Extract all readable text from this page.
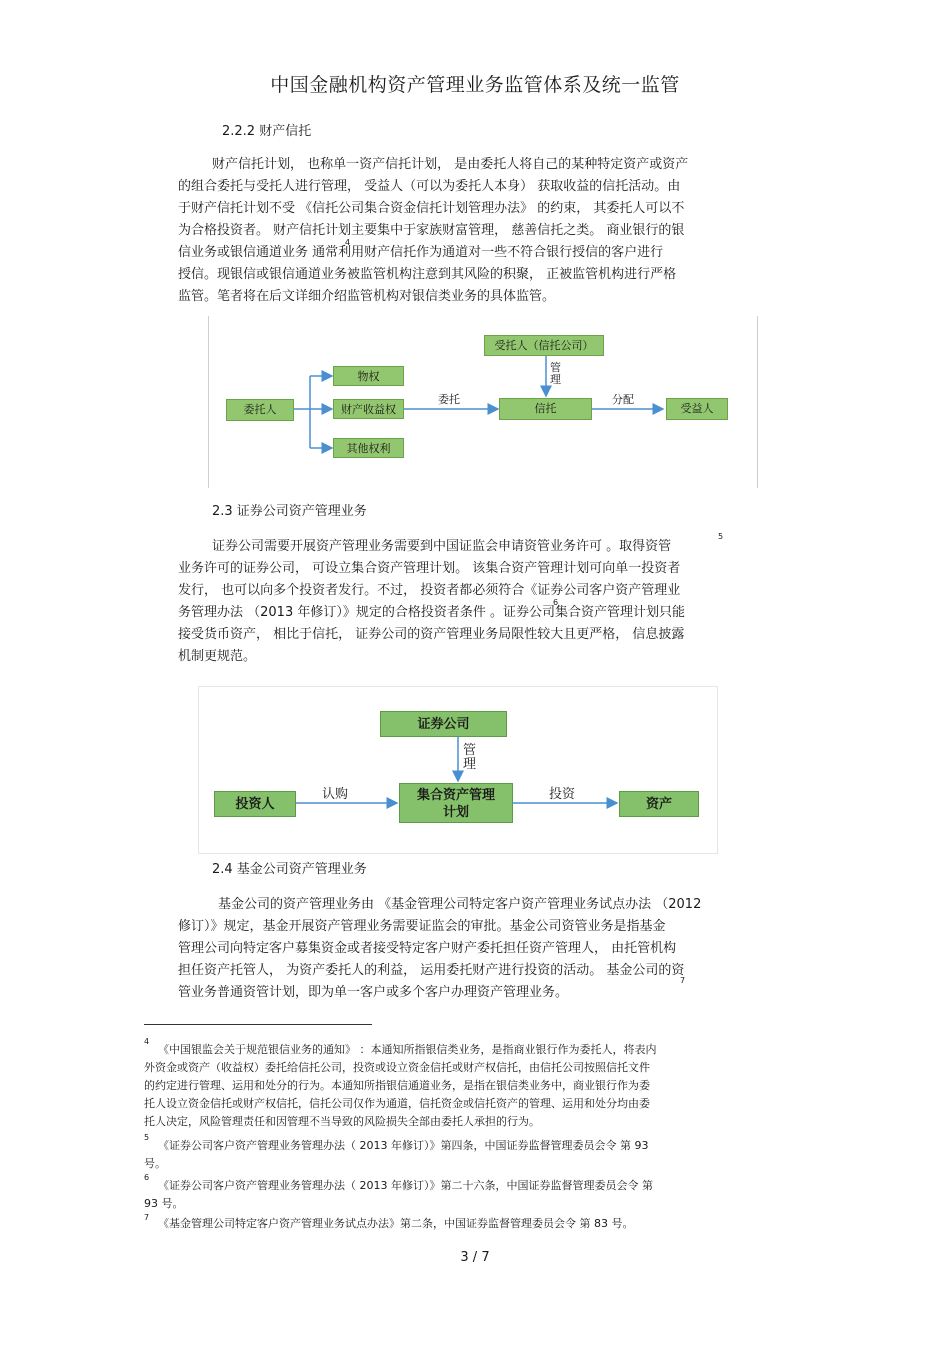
中国金融机构资产管理业务监管体系及统一监管
2.2.2 财产信托
财产信托计划， 也称单一资产信托计划， 是由委托人将自己的某种特定资产或资产
的组合委托与受托人进行管理， 受益人（可以为委托人本身） 获取收益的信托活动。由
于财产信托计划不受 《信托公司集合资金信托计划管理办法》 的约束， 其委托人可以不
为合格投资者。 财产信托计划主要集中于家族财富管理， 慈善信托之类。 商业银行的银
信业务或银信通道业务 通常利用财产信托作为通道对一些不符合银行授信的客户进行
4
授信。现银信或银信通道业务被监管机构注意到其风险的积聚， 正被监管机构进行严格
监管。笔者将在后文详细介绍监管机构对银信类业务的具体监管。
委托人
物权
财产收益权
其他权利
信托
受托人（信托公司）
受益人
委托	分配
管理
2.3 证券公司资产管理业务
证券公司需要开展资产管理业务需要到中国证监会申请资管业务许可 。取得资管
5
业务许可的证券公司， 可设立集合资产管理计划。 该集合资产管理计划可向单一投资者
发行， 也可以向多个投资者发行。不过， 投资者都必须符合《证券公司客户资产管理业
务管理办法 （2013 年修订）》规定的合格投资者条件 。证券公司集合资产管理计划只能
6
接受货币资产， 相比于信托， 证券公司的资产管理业务局限性较大且更严格， 信息披露
机制更规范。
证券公司
投资人
集合资产管理
计划
资产
认购	投资
管理
2.4 基金公司资产管理业务
基金公司的资产管理业务由 《基金管理公司特定客户资产管理业务试点办法 （2012
修订）》规定，基金开展资产管理业务需要证监会的审批。基金公司资管业务是指基金
管理公司向特定客户募集资金或者接受特定客户财产委托担任资产管理人， 由托管机构
担任资产托管人， 为资产委托人的利益， 运用委托财产进行投资的活动。 基金公司的资
管业务普通资管计划，即为单一客户或多个客户办理资产管理业务。
7
4
《中国银监会关于规范银信业务的通知》 ：本通知所指银信类业务，是指商业银行作为委托人，将表内
外资金或资产（收益权）委托给信托公司，投资或设立资金信托或财产权信托，由信托公司按照信托文件
的约定进行管理、运用和处分的行为。本通知所指银信通道业务，是指在银信类业务中，商业银行作为委
托人设立资金信托或财产权信托，信托公司仅作为通道，信托资金或信托资产的管理、运用和处分均由委
托人决定，风险管理责任和因管理不当导致的风险损失全部由委托人承担的行为。
5
《证券公司客户资产管理业务管理办法（ 2013 年修订）》第四条，中国证券监督管理委员会令 第 93
号。
6
《证券公司客户资产管理业务管理办法（ 2013 年修订）》第二十六条，中国证券监督管理委员会令 第
93 号。
7 《基金管理公司特定客户资产管理业务试点办法》第二条，中国证券监督管理委员会令 第 83 号。
3 / 7
